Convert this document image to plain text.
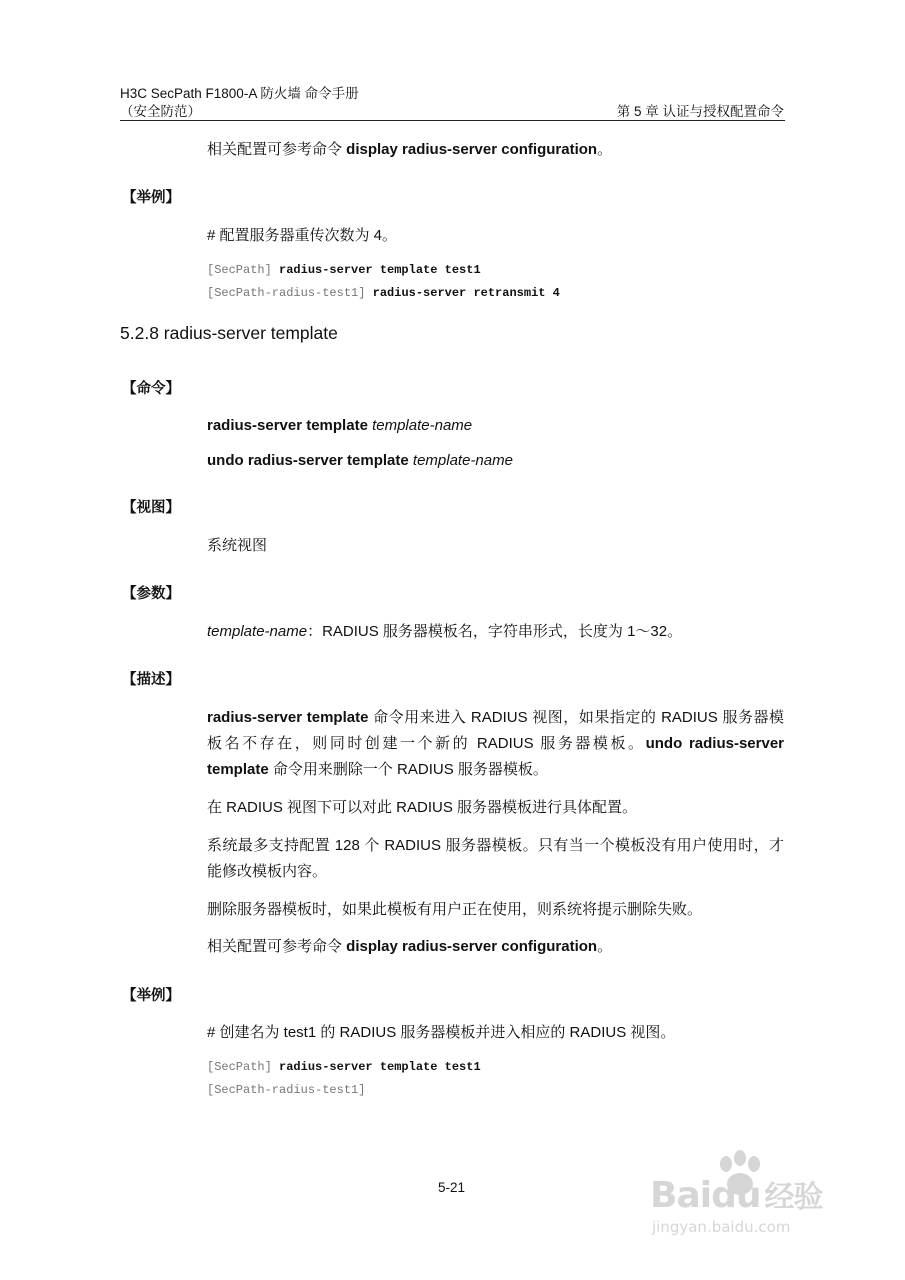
H3C SecPath F1800-A 防火墙 命令手册
（安全防范）	第 5 章 认证与授权配置命令
相关配置可参考命令 display radius-server configuration。
【举例】
# 配置服务器重传次数为 4。
[SecPath] radius-server template test1
[SecPath-radius-test1] radius-server retransmit 4
5.2.8 radius-server template
【命令】
radius-server template template-name
undo radius-server template template-name
【视图】
系统视图
【参数】
template-name：RADIUS 服务器模板名，字符串形式，长度为 1～32。
【描述】
radius-server template 命令用来进入 RADIUS 视图，如果指定的 RADIUS 服务器模板名不存在，则同时创建一个新的 RADIUS 服务器模板。undo radius-server template 命令用来删除一个 RADIUS 服务器模板。
在 RADIUS 视图下可以对此 RADIUS 服务器模板进行具体配置。
系统最多支持配置 128 个 RADIUS 服务器模板。只有当一个模板没有用户使用时，才能修改模板内容。
删除服务器模板时，如果此模板有用户正在使用，则系统将提示删除失败。
相关配置可参考命令 display radius-server configuration。
【举例】
# 创建名为 test1 的 RADIUS 服务器模板并进入相应的 RADIUS 视图。
[SecPath] radius-server template test1
[SecPath-radius-test1]
5-21	Baidu 经验
jingyan.baidu.com
